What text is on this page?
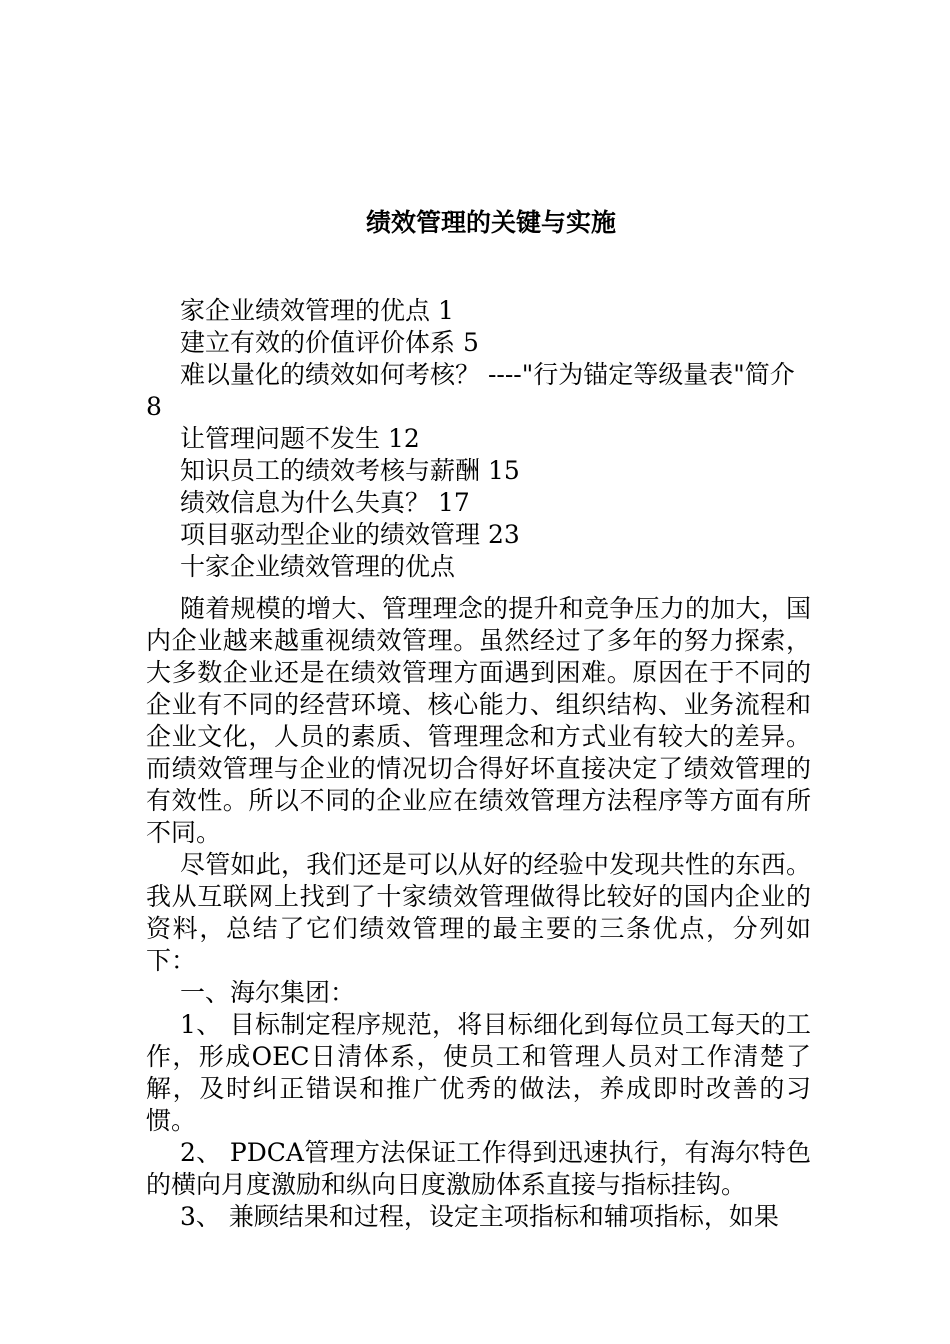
绩效管理的关键与实施
家企业绩效管理的优点 1
建立有效的价值评价体系 5
难以量化的绩效如何考核？ ----"行为锚定等级量表"简介 8
让管理问题不发生 12
知识员工的绩效考核与薪酬 15
绩效信息为什么失真？ 17
项目驱动型企业的绩效管理 23
十家企业绩效管理的优点

随着规模的增大、管理理念的提升和竞争压力的加大，国内企业越来越重视绩效管理。虽然经过了多年的努力探索，大多数企业还是在绩效管理方面遇到困难。原因在于不同的企业有不同的经营环境、核心能力、组织结构、业务流程和企业文化，人员的素质、管理理念和方式业有较大的差异。而绩效管理与企业的情况切合得好坏直接决定了绩效管理的有效性。所以不同的企业应在绩效管理方法程序等方面有所不同。

尽管如此，我们还是可以从好的经验中发现共性的东西。我从互联网上找到了十家绩效管理做得比较好的国内企业的资料，总结了它们绩效管理的最主要的三条优点，分列如下：

一、海尔集团：

1、 目标制定程序规范，将目标细化到每位员工每天的工作，形成OEC日清体系，使员工和管理人员对工作清楚了解，及时纠正错误和推广优秀的做法，养成即时改善的习惯。

2、 PDCA管理方法保证工作得到迅速执行，有海尔特色的横向月度激励和纵向日度激励体系直接与指标挂钩。

3、 兼顾结果和过程，设定主项指标和辅项指标，如果
